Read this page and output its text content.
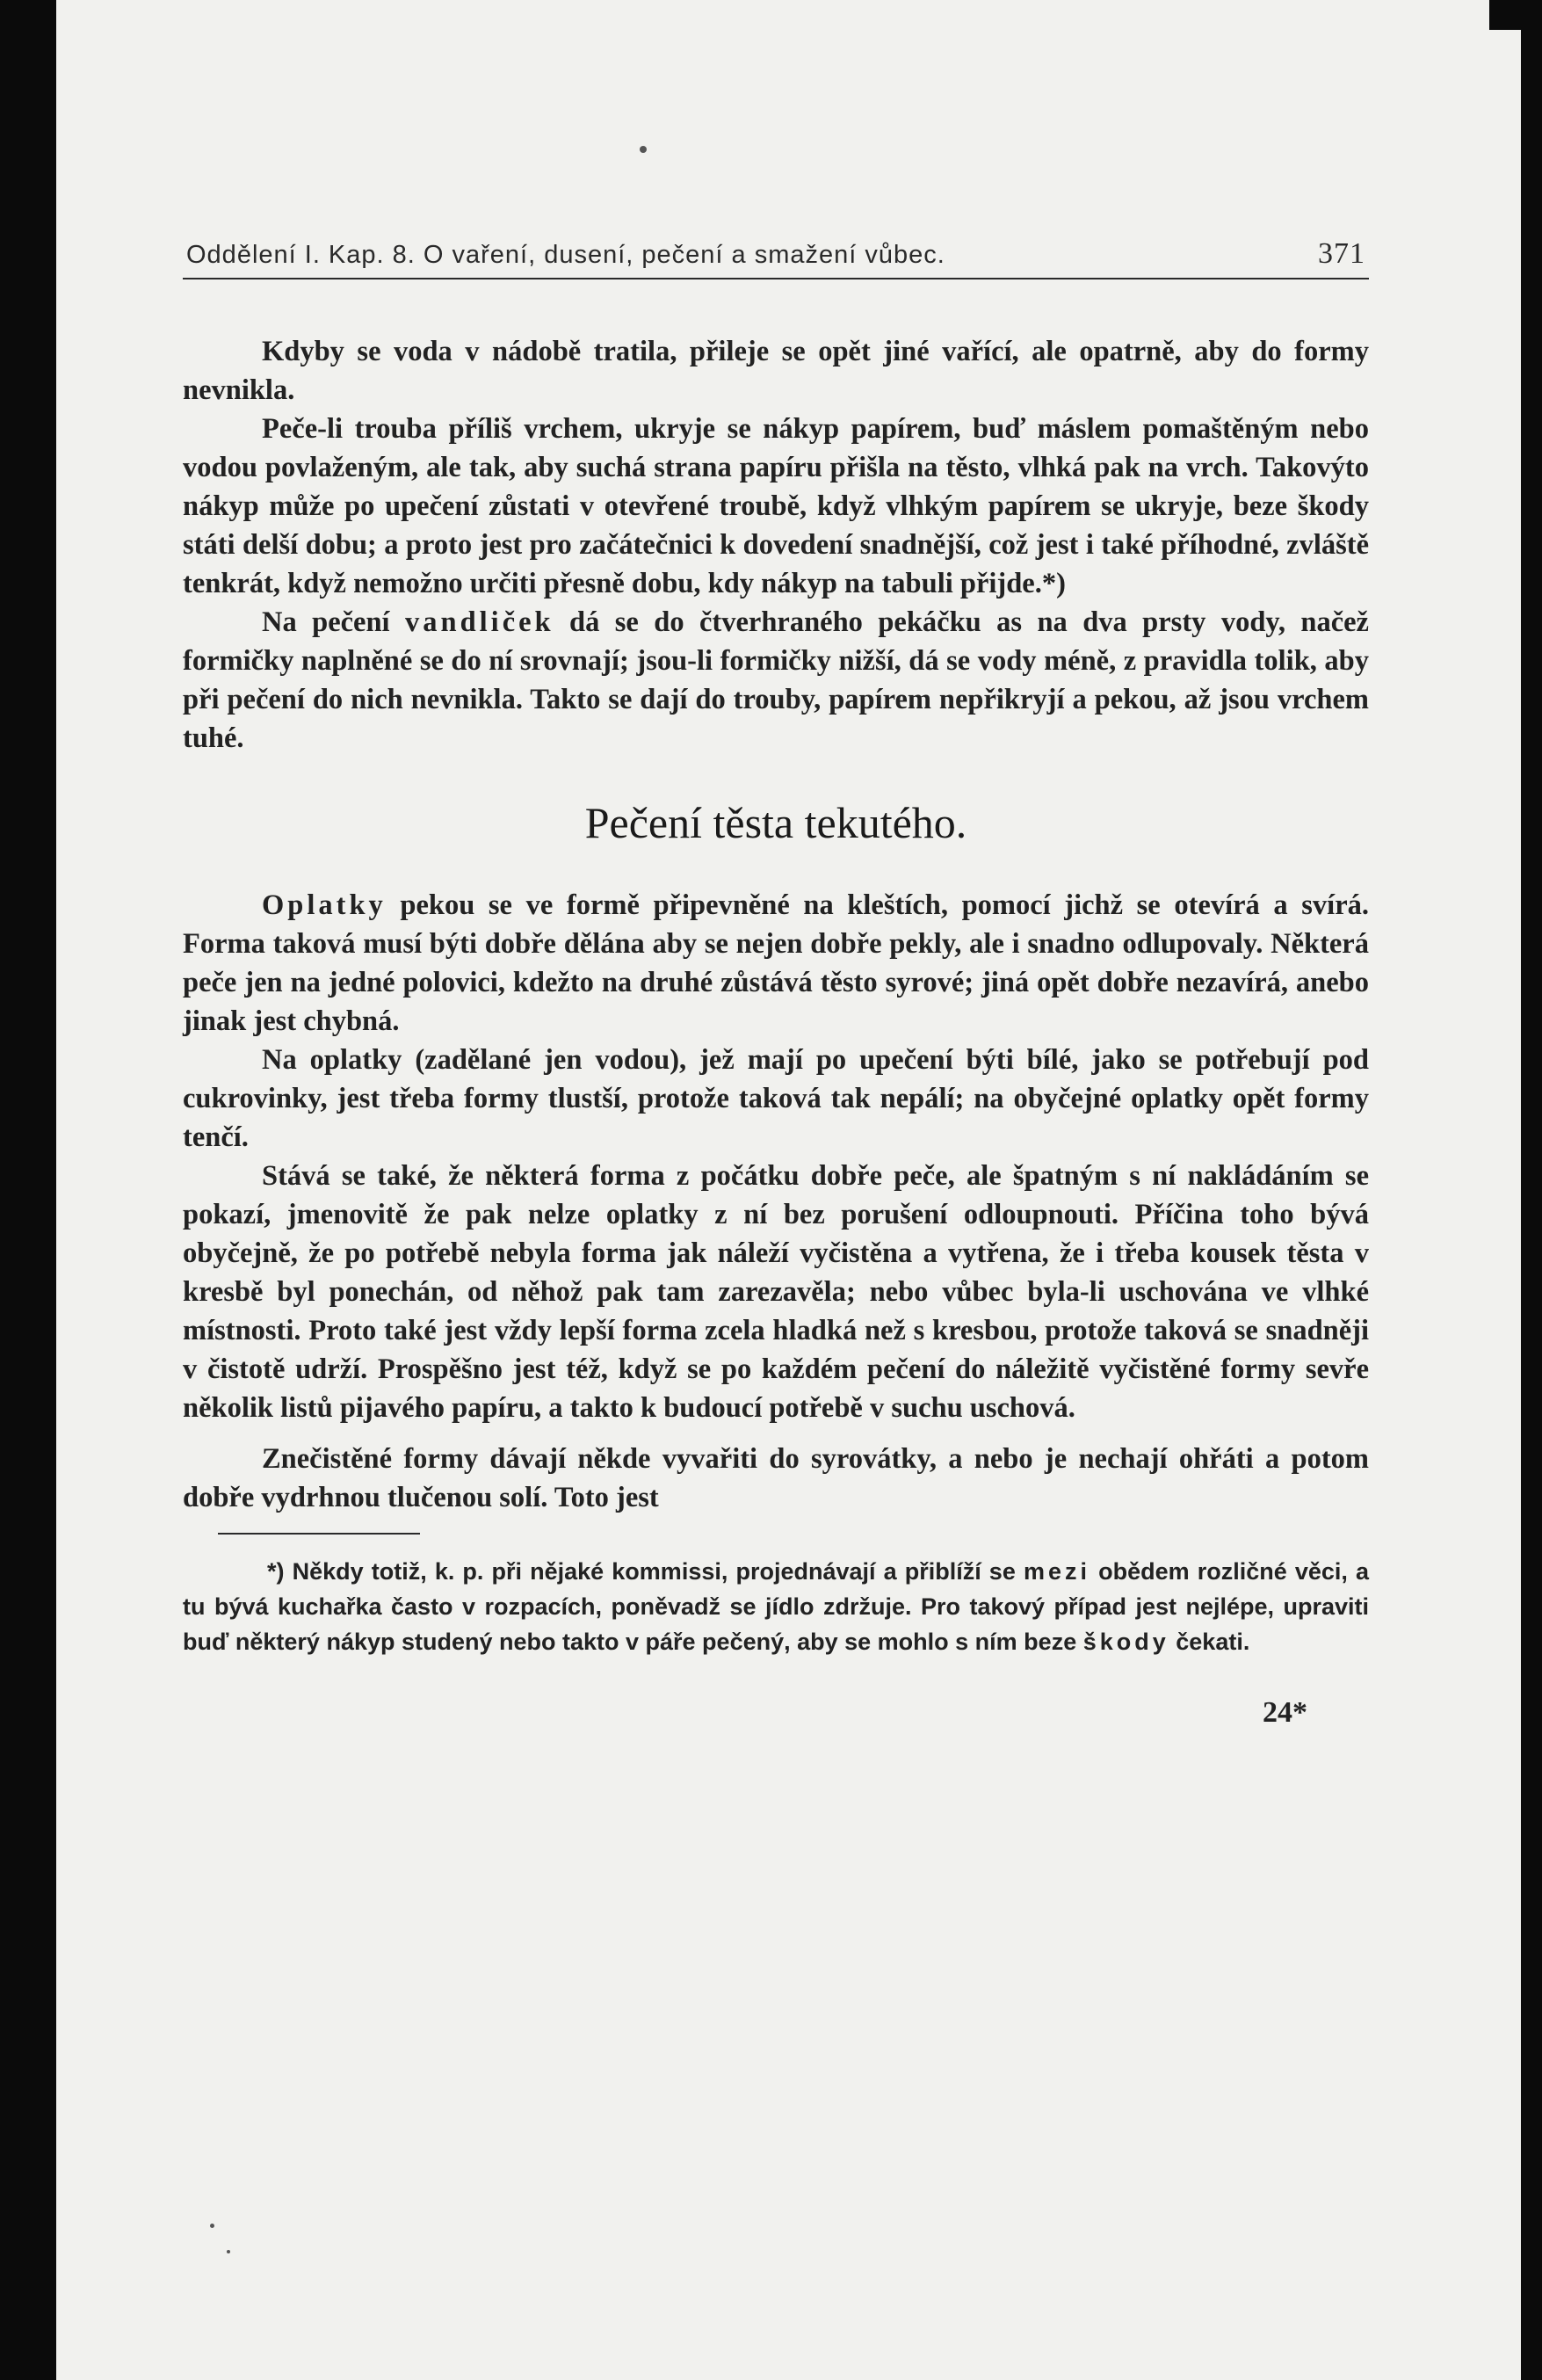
Oddělení I. Kap. 8. O vaření, dusení, pečení a smažení vůbec.	371

Kdyby se voda v nádobě tratila, přileje se opět jiné vařící, ale opatrně, aby do formy nevnikla.

Peče-li trouba příliš vrchem, ukryje se nákyp papírem, buď máslem pomaštěným nebo vodou povlaženým, ale tak, aby suchá strana papíru přišla na těsto, vlhká pak na vrch. Takovýto nákyp může po upečení zůstati v otevřené troubě, když vlhkým papírem se ukryje, beze škody státi delší dobu; a proto jest pro začátečnici k dovedení snadnější, což jest i také příhodné, zvláště tenkrát, když nemožno určiti přesně dobu, kdy nákyp na tabuli přijde.*)

Na pečení vandliček dá se do čtverhraného pekáčku as na dva prsty vody, načež formičky naplněné se do ní srovnají; jsou-li formičky nižší, dá se vody méně, z pravidla tolik, aby při pečení do nich nevnikla. Takto se dají do trouby, papírem nepřikryjí a pekou, až jsou vrchem tuhé.

Pečení těsta tekutého.

Oplatky pekou se ve formě připevněné na kleštích, pomocí jichž se otevírá a svírá. Forma taková musí býti dobře dělána aby se nejen dobře pekly, ale i snadno odlupovaly. Některá peče jen na jedné polovici, kdežto na druhé zůstává těsto syrové; jiná opět dobře nezavírá, anebo jinak jest chybná.

Na oplatky (zadělané jen vodou), jež mají po upečení býti bílé, jako se potřebují pod cukrovinky, jest třeba formy tlustší, protože taková tak nepálí; na obyčejné oplatky opět formy tenčí.

Stává se také, že některá forma z počátku dobře peče, ale špatným s ní nakládáním se pokazí, jmenovitě že pak nelze oplatky z ní bez porušení odloupnouti. Příčina toho bývá obyčejně, že po potřebě nebyla forma jak náleží vyčistěna a vytřena, že i třeba kousek těsta v kresbě byl ponechán, od něhož pak tam zarezavěla; nebo vůbec byla-li uschována ve vlhké místnosti. Proto také jest vždy lepší forma zcela hladká než s kresbou, protože taková se snadněji v čistotě udrží. Prospěšno jest též, když se po každém pečení do náležitě vyčistěné formy sevře několik listů pijavého papíru, a takto k budoucí potřebě v suchu uschová.

Znečistěné formy dávají někde vyvařiti do syrovátky, a nebo je nechají ohřáti a potom dobře vydrhnou tlučenou solí. Toto jest

*) Někdy totiž, k. p. při nějaké kommissi, projednávají a přiblíží se mezi obědem rozličné věci, a tu bývá kuchařka často v rozpacích, poněvadž se jídlo zdržuje. Pro takový případ jest nejlépe, upraviti buď některý nákyp studený nebo takto v páře pečený, aby se mohlo s ním beze škody čekati.

24*
